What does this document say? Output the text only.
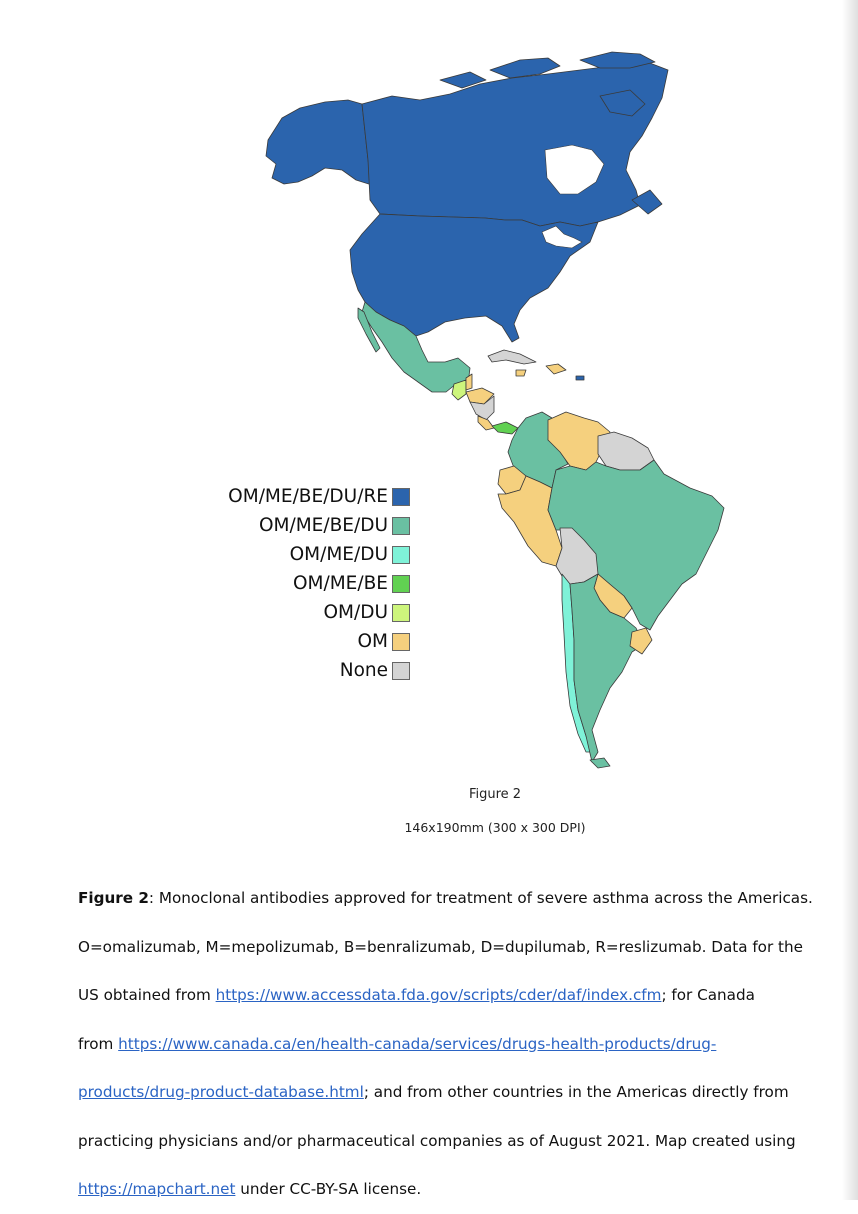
OM/ME/BE/DU/RE
OM/ME/BE/DU
OM/ME/DU
OM/ME/BE
OM/DU
OM
None
Figure 2
146x190mm (300 x 300 DPI)

Figure 2: Monoclonal antibodies approved for treatment of severe asthma across the Americas.

O=omalizumab, M=mepolizumab, B=benralizumab, D=dupilumab, R=reslizumab. Data for the

US obtained from https://www.accessdata.fda.gov/scripts/cder/daf/index.cfm; for Canada

from https://www.canada.ca/en/health-canada/services/drugs-health-products/drug-

products/drug-product-database.html; and from other countries in the Americas directly from

practicing physicians and/or pharmaceutical companies as of August 2021. Map created using

https://mapchart.net under CC-BY-SA license.
